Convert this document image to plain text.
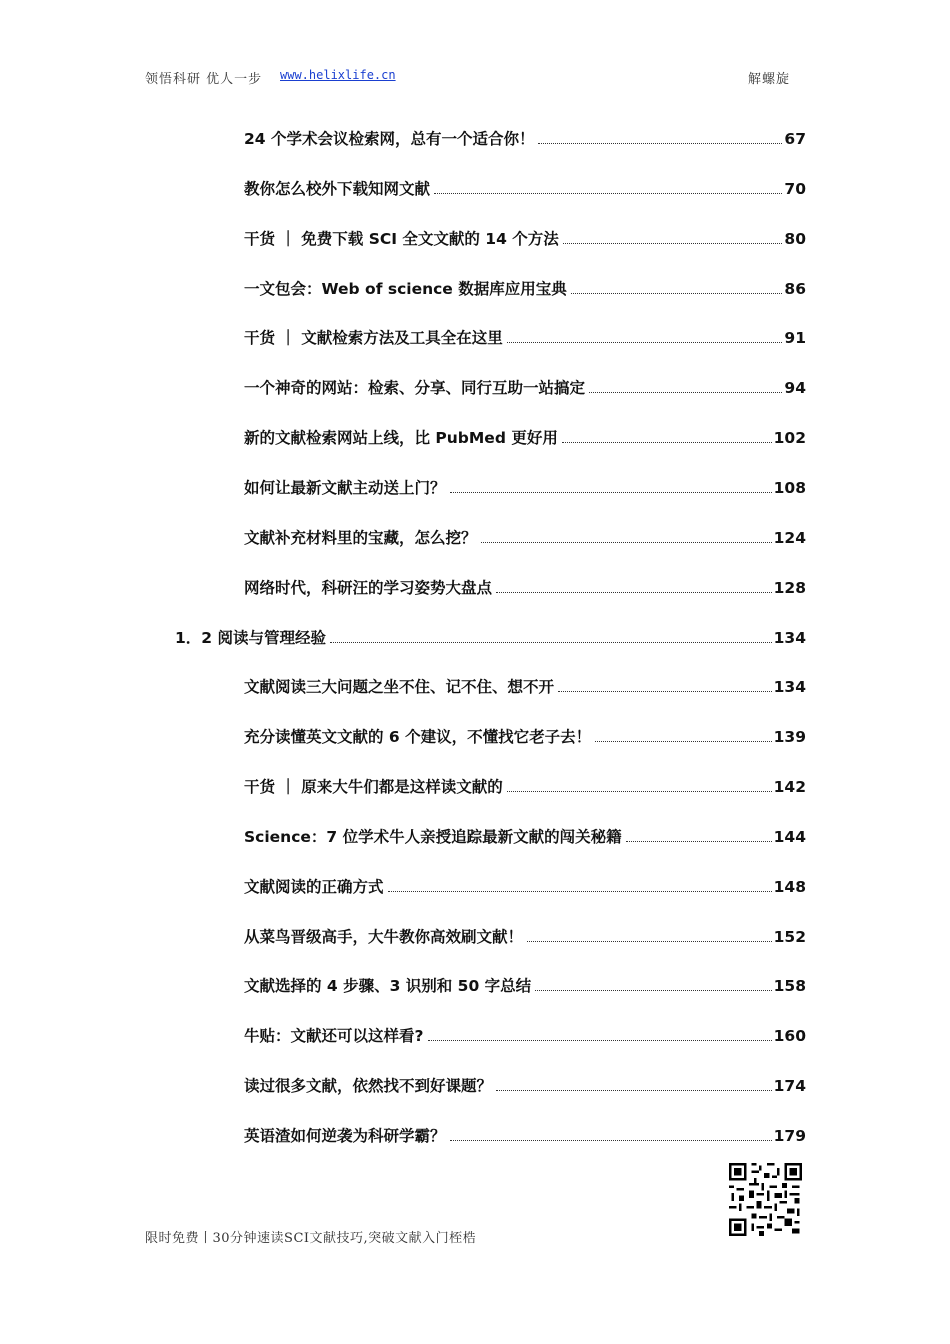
领悟科研 优人一步 www.helixlife.cn	解螺旋
24 个学术会议检索网，总有一个适合你！	67
教你怎么校外下载知网文献	70
干货 ｜ 免费下载 SCI 全文文献的 14 个方法	80
一文包会：Web of science 数据库应用宝典	86
干货 ｜ 文献检索方法及工具全在这里	91
一个神奇的网站：检索、分享、同行互助一站搞定	94
新的文献检索网站上线，比 PubMed 更好用	102
如何让最新文献主动送上门？	108
文献补充材料里的宝藏，怎么挖？	124
网络时代，科研汪的学习姿势大盘点	128
1．2 阅读与管理经验	134
文献阅读三大问题之坐不住、记不住、想不开	134
充分读懂英文文献的 6 个建议，不懂找它老子去！	139
干货 ｜ 原来大牛们都是这样读文献的	142
Science：7 位学术牛人亲授追踪最新文献的闯关秘籍	144
文献阅读的正确方式	148
从菜鸟晋级高手，大牛教你高效刷文献！	152
文献选择的 4 步骤、3 识别和 50 字总结	158
牛贴：文献还可以这样看?	160
读过很多文献，依然找不到好课题？	174
英语渣如何逆袭为科研学霸？	179
限时免费丨30分钟速读SCI文献技巧,突破文献入门桎梏
